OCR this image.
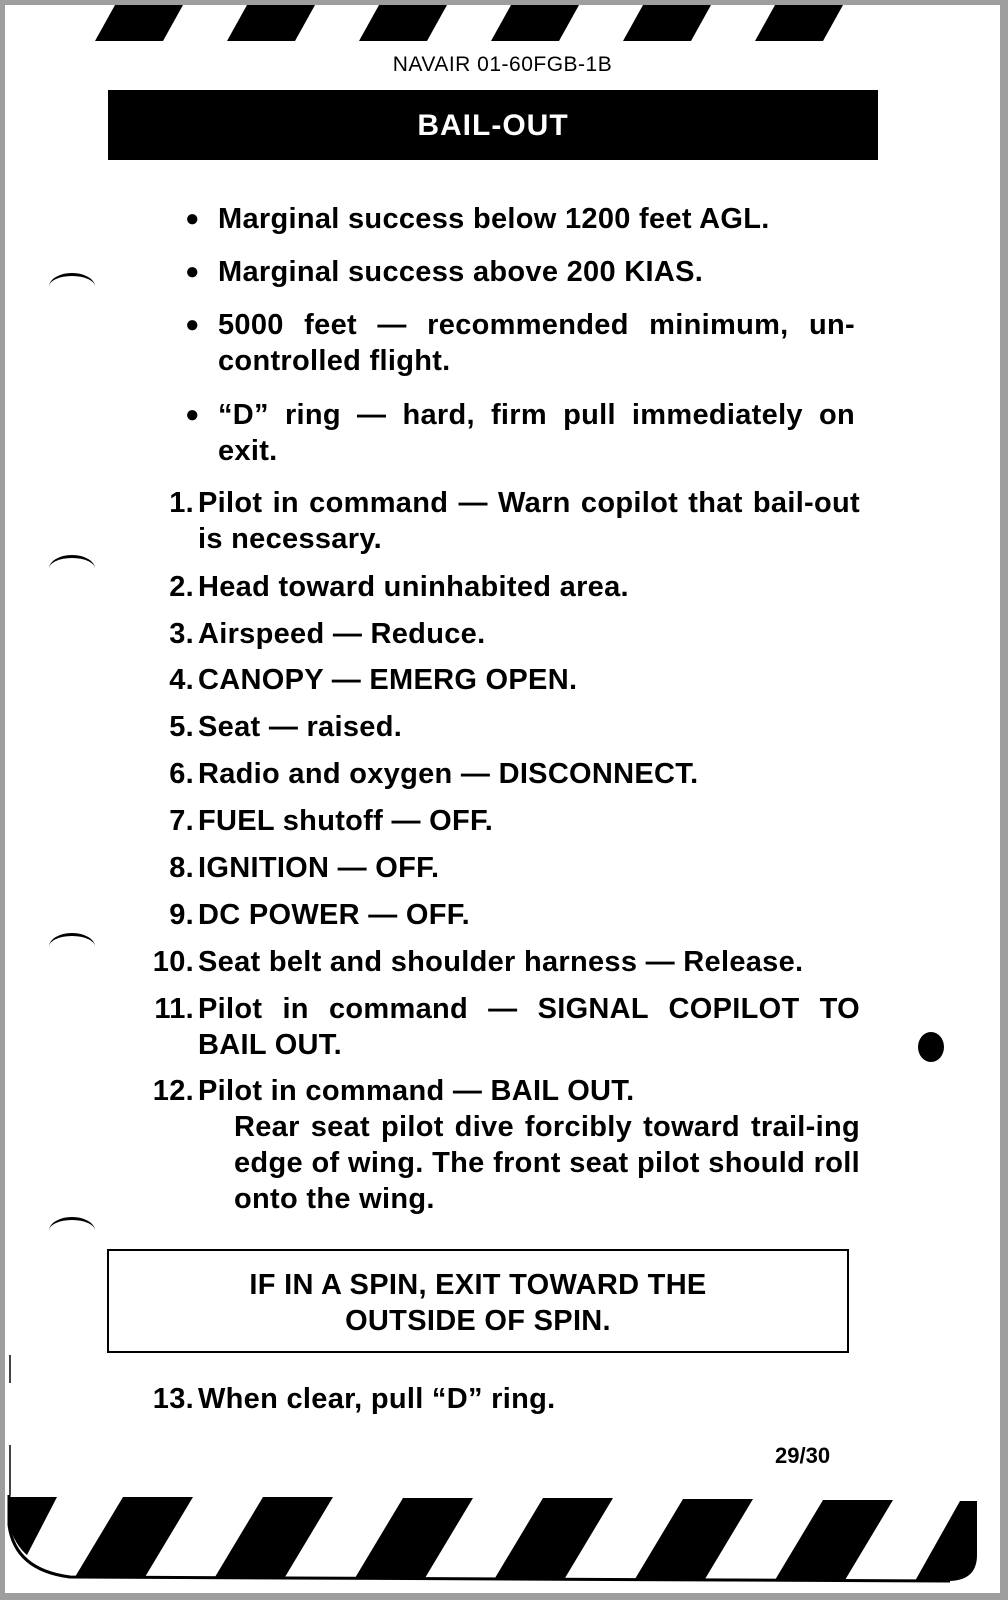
NAVAIR 01-60FGB-1B
BAIL-OUT
● Marginal success below 1200 feet AGL.
● Marginal success above 200 KIAS.
● 5000 feet — recommended minimum, un-controlled flight.
● “D” ring — hard, firm pull immediately on exit.
1. Pilot in command — Warn copilot that bail-out is necessary.
2. Head toward uninhabited area.
3. Airspeed — Reduce.
4. CANOPY — EMERG OPEN.
5. Seat — raised.
6. Radio and oxygen — DISCONNECT.
7. FUEL shutoff — OFF.
8. IGNITION — OFF.
9. DC POWER — OFF.
10. Seat belt and shoulder harness — Release.
11. Pilot in command — SIGNAL COPILOT TO BAIL OUT.
12. Pilot in command — BAIL OUT.
Rear seat pilot dive forcibly toward trail-ing edge of wing. The front seat pilot should roll onto the wing.
IF IN A SPIN, EXIT TOWARD THE
OUTSIDE OF SPIN.
13. When clear, pull “D” ring.
29/30
